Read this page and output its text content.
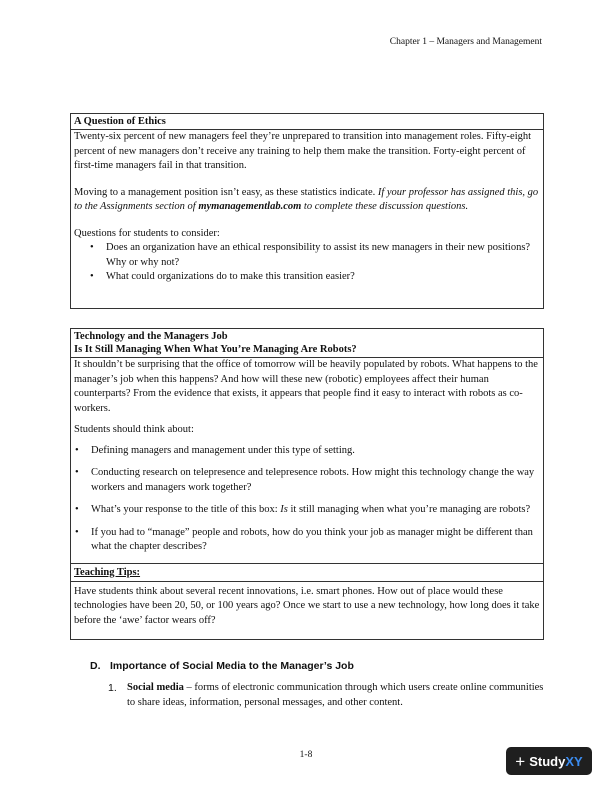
Chapter 1 – Managers and Management
A Question of Ethics
Twenty-six percent of new managers feel they’re unprepared to transition into management roles. Fifty-eight percent of new managers don’t receive any training to help them make the transition. Forty-eight percent of first-time managers fail in that transition.
Moving to a management position isn’t easy, as these statistics indicate. If your professor has assigned this, go to the Assignments section of mymanagementlab.com to complete these discussion questions.
Questions for students to consider:
• Does an organization have an ethical responsibility to assist its new managers in their new positions? Why or why not?
• What could organizations do to make this transition easier?
Technology and the Managers Job
Is It Still Managing When What You’re Managing Are Robots?
It shouldn’t be surprising that the office of tomorrow will be heavily populated by robots. What happens to the manager’s job when this happens? And how will these new (robotic) employees affect their human counterparts? From the evidence that exists, it appears that people find it easy to interact with robots as co-workers.
Students should think about:
• Defining managers and management under this type of setting.
• Conducting research on telepresence and telepresence robots. How might this technology change the way workers and managers work together?
• What’s your response to the title of this box: Is it still managing when what you’re managing are robots?
• If you had to “manage” people and robots, how do you think your job as manager might be different than what the chapter describes?
Teaching Tips:
Have students think about several recent innovations, i.e. smart phones. How out of place would these technologies have been 20, 50, or 100 years ago? Once we start to use a new technology, how long does it take before the ‘awe’ factor wears off?
D. Importance of Social Media to the Manager’s Job
1. Social media – forms of electronic communication through which users create online communities to share ideas, information, personal messages, and other content.
1-8	+ Study XY
